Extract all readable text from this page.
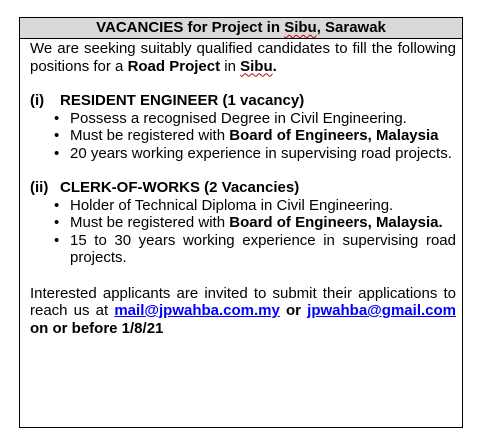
VACANCIES for Project in Sibu, Sarawak

We are seeking suitably qualified candidates to fill the following positions for a Road Project in Sibu.

(i) RESIDENT ENGINEER (1 vacancy)

• Possess a recognised Degree in Civil Engineering.
• Must be registered with Board of Engineers, Malaysia
• 20 years working experience in supervising road projects.

(ii) CLERK-OF-WORKS (2 Vacancies)

• Holder of Technical Diploma in Civil Engineering.
• Must be registered with Board of Engineers, Malaysia.
• 15 to 30 years working experience in supervising road projects.

Interested applicants are invited to submit their applications to reach us at mail@jpwahba.com.my or jpwahba@gmail.com on or before 1/8/21
